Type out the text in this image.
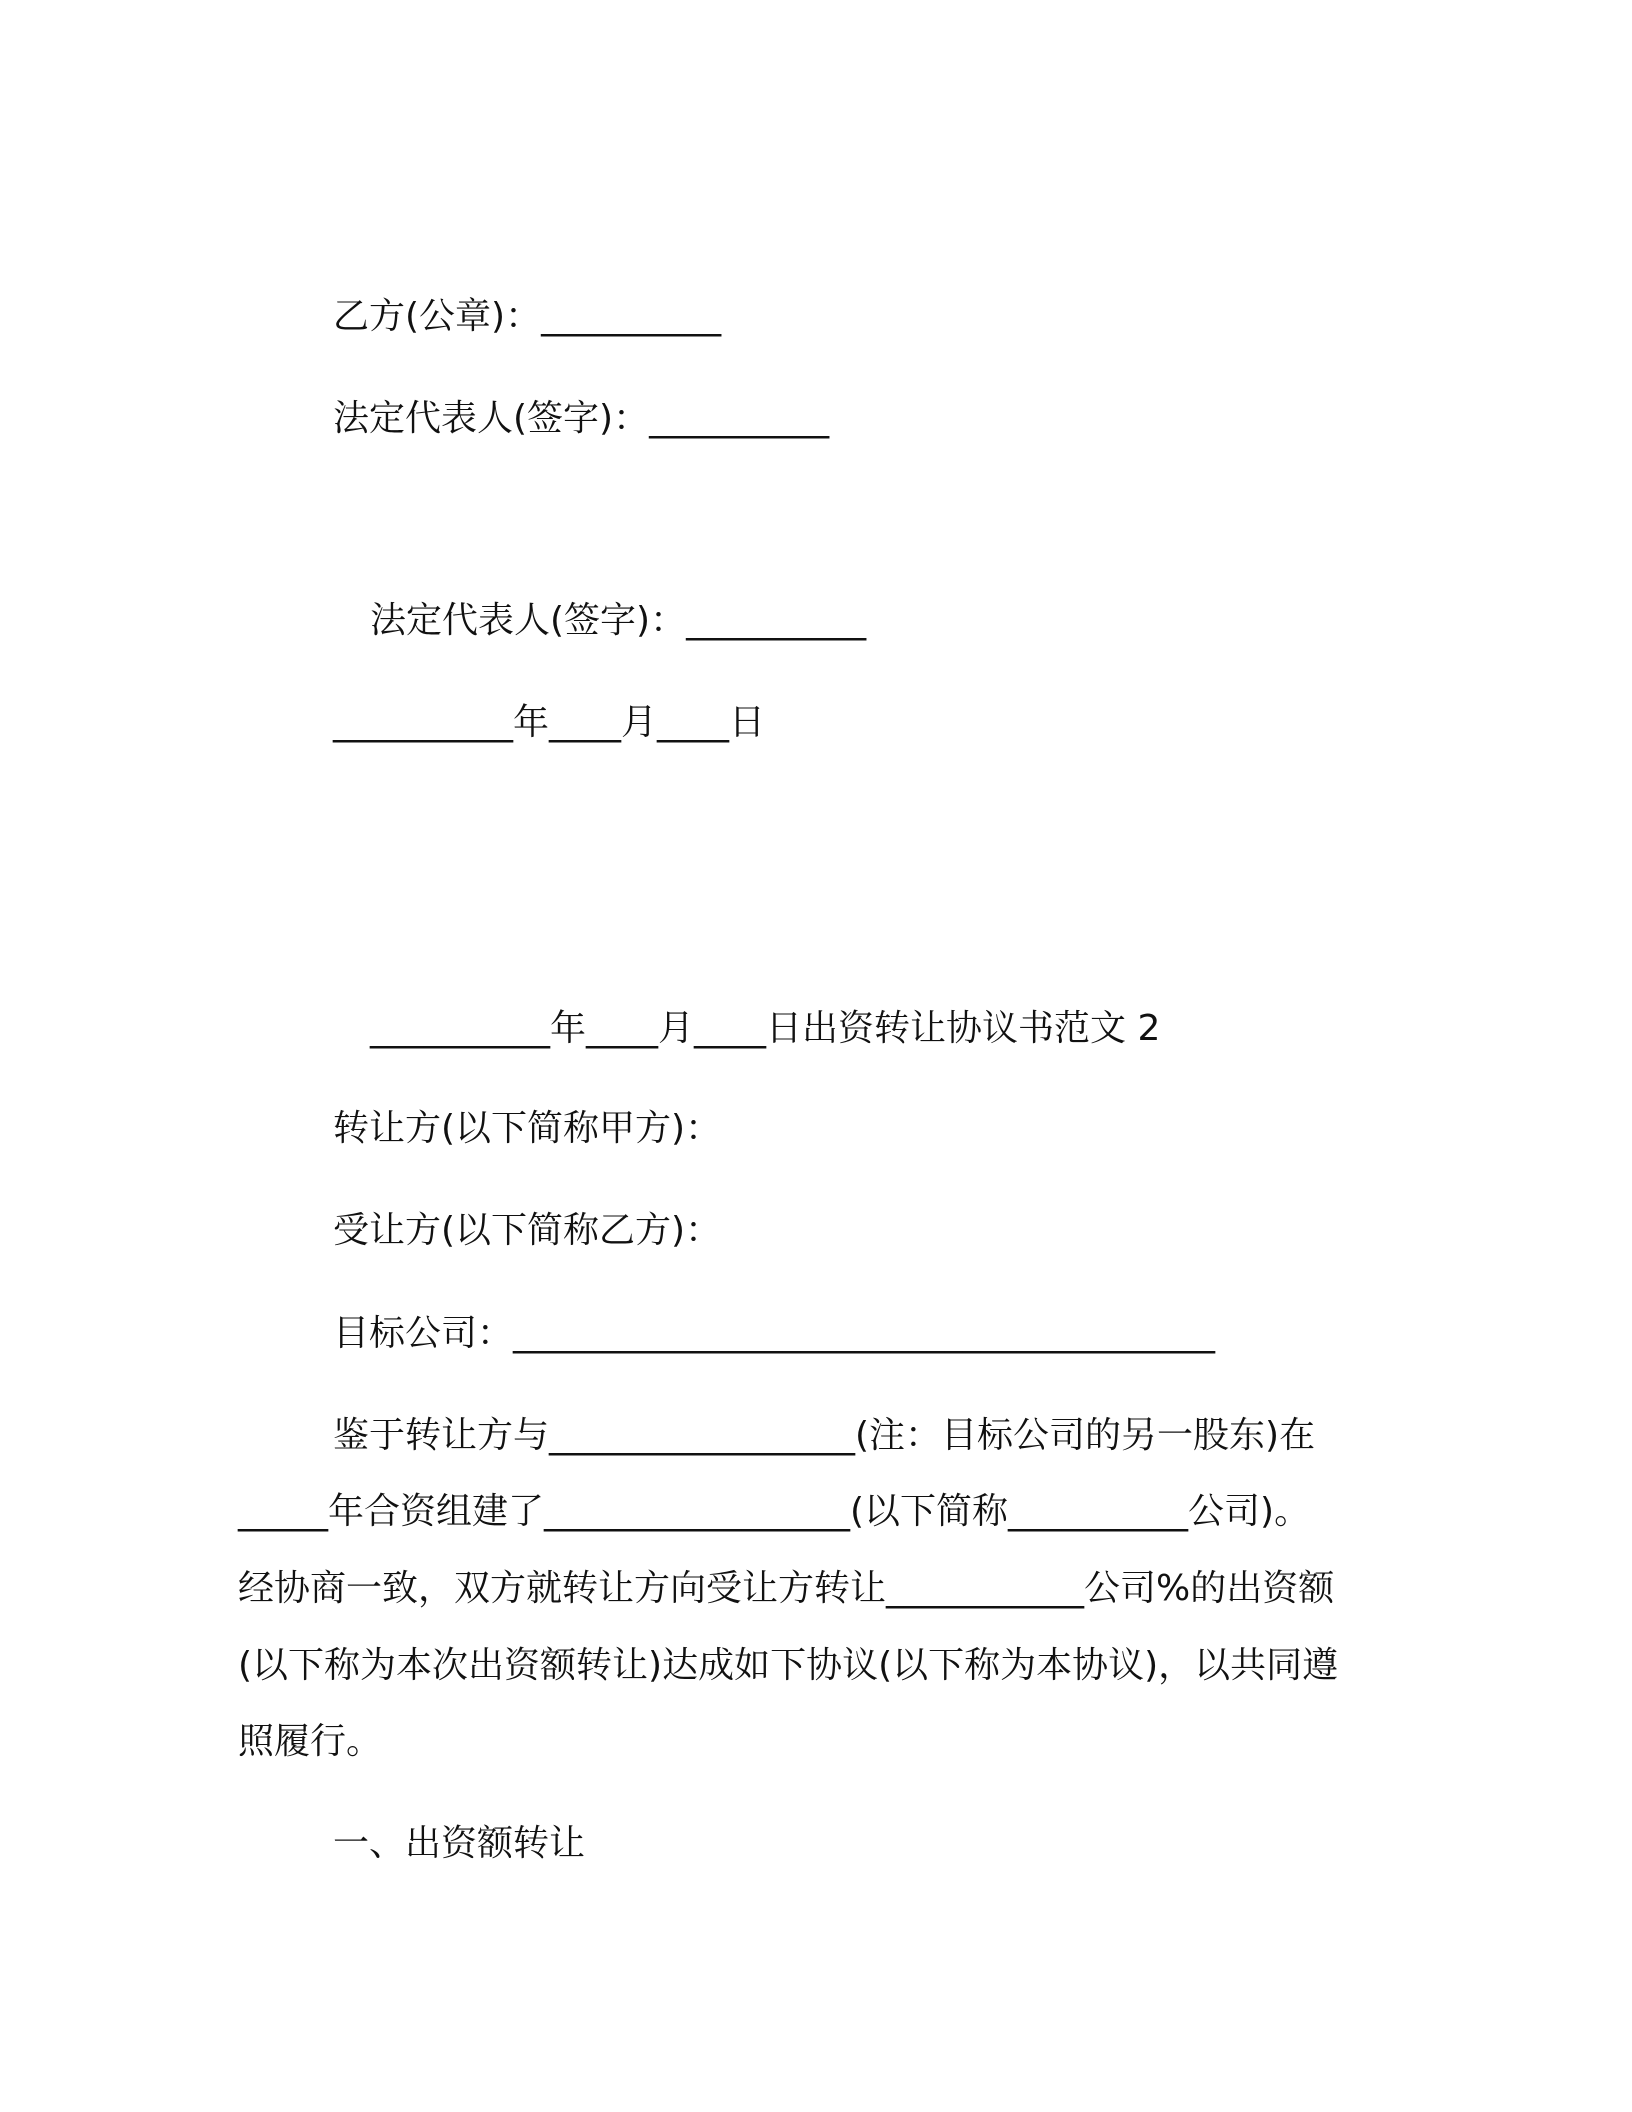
乙方(公章)：__________
法定代表人(签字)：__________
法定代表人(签字)：__________
__________年____月____日
__________年____月____日出资转让协议书范文 2
转让方(以下简称甲方)：
受让方(以下简称乙方)：
目标公司：_______________________________________
鉴于转让方与_________________(注：目标公司的另一股东)在
_____年合资组建了_________________(以下简称__________公司)。
经协商一致，双方就转让方向受让方转让___________公司%的出资额
(以下称为本次出资额转让)达成如下协议(以下称为本协议)，以共同遵
照履行。
一、出资额转让
